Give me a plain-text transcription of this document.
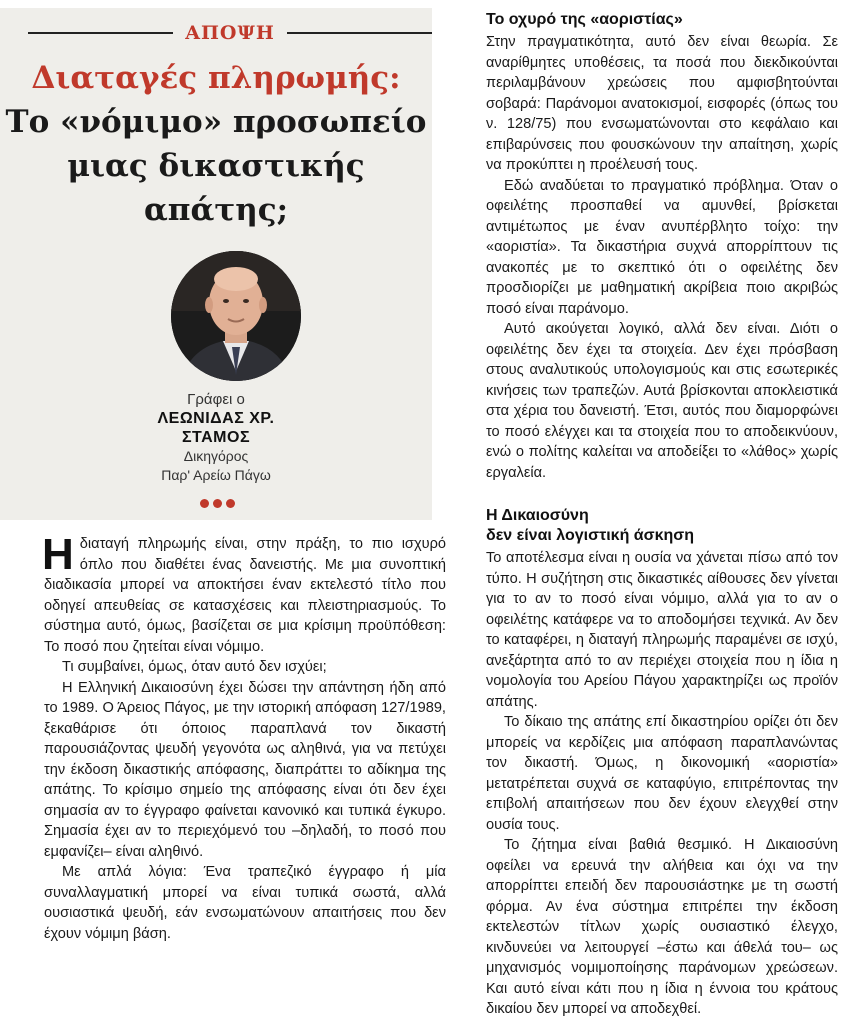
ΑΠΟΨΗ
Διαταγές πληρωμής:
Το «νόμιμο» προσωπείο
μιας δικαστικής απάτης;
Γράφει ο
ΛΕΩΝΙΔΑΣ ΧΡ.
ΣΤΑΜΟΣ
Δικηγόρος
Παρ' Αρείω Πάγω

Ηδιαταγή πληρωμής είναι, στην πράξη, το πιο ισχυρό όπλο που διαθέτει ένας δανειστής. Με μια συνοπτική διαδικασία μπορεί να αποκτήσει έναν εκτελεστό τίτλο που οδηγεί απευθείας σε κατασχέσεις και πλειστηριασμούς. Το σύστημα αυτό, όμως, βασίζεται σε μια κρίσιμη προϋπόθεση: Το ποσό που ζητείται είναι νόμιμο.

Τι συμβαίνει, όμως, όταν αυτό δεν ισχύει;

Η Ελληνική Δικαιοσύνη έχει δώσει την απάντηση ήδη από το 1989. Ο Άρειος Πάγος, με την ιστορική απόφαση 127/1989, ξεκαθάρισε ότι όποιος παραπλανά τον δικαστή παρουσιάζοντας ψευδή γεγονότα ως αληθινά, για να πετύχει την έκδοση δικαστικής απόφασης, διαπράττει το αδίκημα της απάτης. Το κρίσιμο σημείο της απόφασης είναι ότι δεν έχει σημασία αν το έγγραφο φαίνεται κανονικό και τυπικά έγκυρο. Σημασία έχει αν το περιεχόμενό του –δηλαδή, το ποσό που εμφανίζει– είναι αληθινό.

Με απλά λόγια: Ένα τραπεζικό έγγραφο ή μία συναλλαγματική μπορεί να είναι τυπικά σωστά, αλλά ουσιαστικά ψευδή, εάν ενσωματώνουν απαιτήσεις που δεν έχουν νόμιμη βάση.

Το οχυρό της «αοριστίας»

Στην πραγματικότητα, αυτό δεν είναι θεωρία. Σε αναρίθμητες υποθέσεις, τα ποσά που διεκδικούνται περιλαμβάνουν χρεώσεις που αμφισβητούνται σοβαρά: Παράνομοι ανατοκισμοί, εισφορές (όπως του ν. 128/75) που ενσωματώνονται στο κεφάλαιο και επιβαρύνσεις που φουσκώνουν την απαίτηση, χωρίς να προκύπτει η προέλευσή τους.

Εδώ αναδύεται το πραγματικό πρόβλημα. Όταν ο οφειλέτης προσπαθεί να αμυνθεί, βρίσκεται αντιμέτωπος με έναν ανυπέρβλητο τοίχο: την «αοριστία». Τα δικαστήρια συχνά απορρίπτουν τις ανακοπές με το σκεπτικό ότι ο οφειλέτης δεν προσδιορίζει με μαθηματική ακρίβεια ποιο ακριβώς ποσό είναι παράνομο.

Αυτό ακούγεται λογικό, αλλά δεν είναι. Διότι ο οφειλέτης δεν έχει τα στοιχεία. Δεν έχει πρόσβαση στους αναλυτικούς υπολογισμούς και στις εσωτερικές κινήσεις των τραπεζών. Αυτά βρίσκονται αποκλειστικά στα χέρια του δανειστή. Έτσι, αυτός που διαμορφώνει το ποσό ελέγχει και τα στοιχεία που το αποδεικνύουν, ενώ ο πολίτης καλείται να αποδείξει το «λάθος» χωρίς εργαλεία.

Η Δικαιοσύνη
δεν είναι λογιστική άσκηση

Το αποτέλεσμα είναι η ουσία να χάνεται πίσω από τον τύπο. Η συζήτηση στις δικαστικές αίθουσες δεν γίνεται για το αν το ποσό είναι νόμιμο, αλλά για το αν ο οφειλέτης κατάφερε να το αποδομήσει τεχνικά. Αν δεν το καταφέρει, η διαταγή πληρωμής παραμένει σε ισχύ, ανεξάρτητα από το αν περιέχει στοιχεία που η ίδια η νομολογία του Αρείου Πάγου χαρακτηρίζει ως προϊόν απάτης.

Το δίκαιο της απάτης επί δικαστηρίου ορίζει ότι δεν μπορείς να κερδίζεις μια απόφαση παραπλανώντας τον δικαστή. Όμως, η δικονομική «αοριστία» μετατρέπεται συχνά σε καταφύγιο, επιτρέποντας την επιβολή απαιτήσεων που δεν έχουν ελεγχθεί στην ουσία τους.

Το ζήτημα είναι βαθιά θεσμικό. Η Δικαιοσύνη οφείλει να ερευνά την αλήθεια και όχι να την απορρίπτει επειδή δεν παρουσιάστηκε με τη σωστή φόρμα. Αν ένα σύστημα επιτρέπει την έκδοση εκτελεστών τίτλων χωρίς ουσιαστικό έλεγχο, κινδυνεύει να λειτουργεί –έστω και άθελά του– ως μηχανισμός νομιμοποίησης παράνομων χρεώσεων. Και αυτό είναι κάτι που η ίδια η έννοια του κράτους δικαίου δεν μπορεί να αποδεχθεί.
